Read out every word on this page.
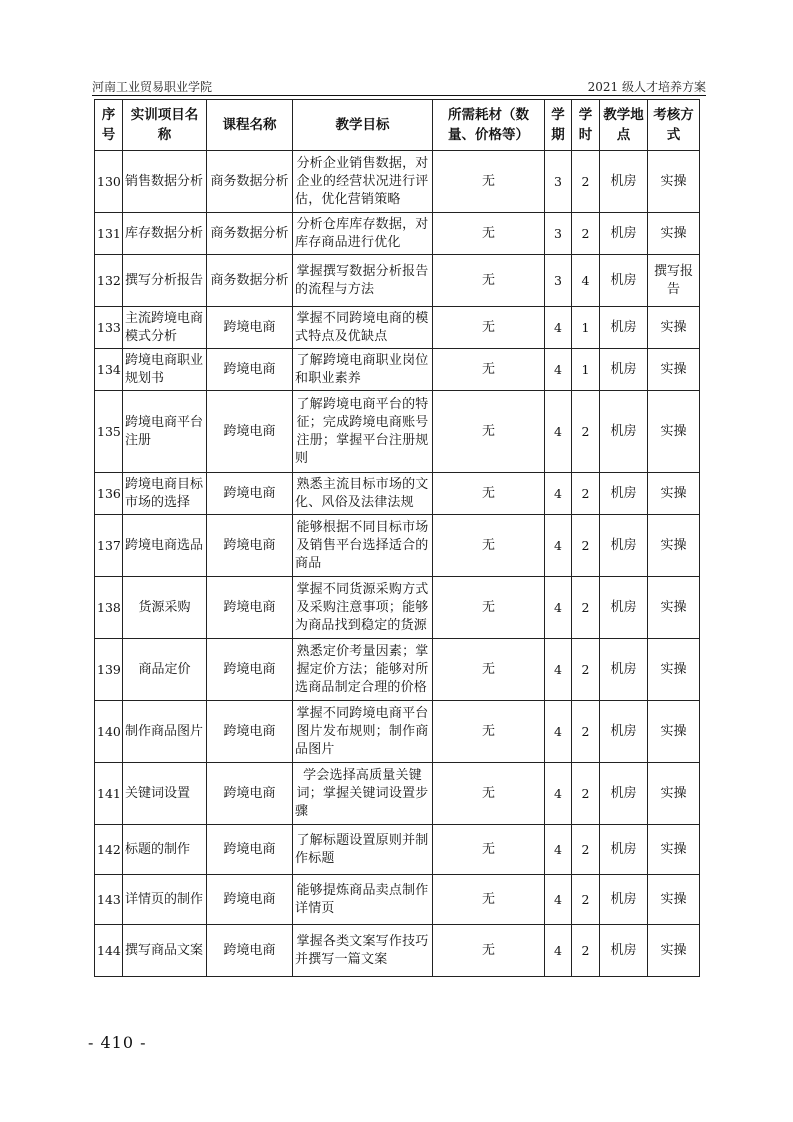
河南工业贸易职业学院	2021 级人才培养方案
序号	实训项目名称	课程名称	教学目标	所需耗材（数量、价格等）	学期	学时	教学地点	考核方式
130	销售数据分析	商务数据分析	分析企业销售数据，对企业的经营状况进行评估，优化营销策略	无	3	2	机房	实操
131	库存数据分析	商务数据分析	分析仓库库存数据，对库存商品进行优化	无	3	2	机房	实操
132	撰写分析报告	商务数据分析	掌握撰写数据分析报告的流程与方法	无	3	4	机房	撰写报告
133	主流跨境电商模式分析	跨境电商	掌握不同跨境电商的模式特点及优缺点	无	4	1	机房	实操
134	跨境电商职业规划书	跨境电商	了解跨境电商职业岗位和职业素养	无	4	1	机房	实操
135	跨境电商平台注册	跨境电商	了解跨境电商平台的特征；完成跨境电商账号注册；掌握平台注册规则	无	4	2	机房	实操
136	跨境电商目标市场的选择	跨境电商	熟悉主流目标市场的文化、风俗及法律法规	无	4	2	机房	实操
137	跨境电商选品	跨境电商	能够根据不同目标市场及销售平台选择适合的商品	无	4	2	机房	实操
138	货源采购	跨境电商	掌握不同货源采购方式及采购注意事项；能够为商品找到稳定的货源	无	4	2	机房	实操
139	商品定价	跨境电商	熟悉定价考量因素；掌握定价方法；能够对所选商品制定合理的价格	无	4	2	机房	实操
140	制作商品图片	跨境电商	掌握不同跨境电商平台图片发布规则；制作商品图片	无	4	2	机房	实操
141	关键词设置	跨境电商	学会选择高质量关键词；掌握关键词设置步骤	无	4	2	机房	实操
142	标题的制作	跨境电商	了解标题设置原则并制作标题	无	4	2	机房	实操
143	详情页的制作	跨境电商	能够提炼商品卖点制作详情页	无	4	2	机房	实操
144	撰写商品文案	跨境电商	掌握各类文案写作技巧并撰写一篇文案	无	4	2	机房	实操
- 410 -
